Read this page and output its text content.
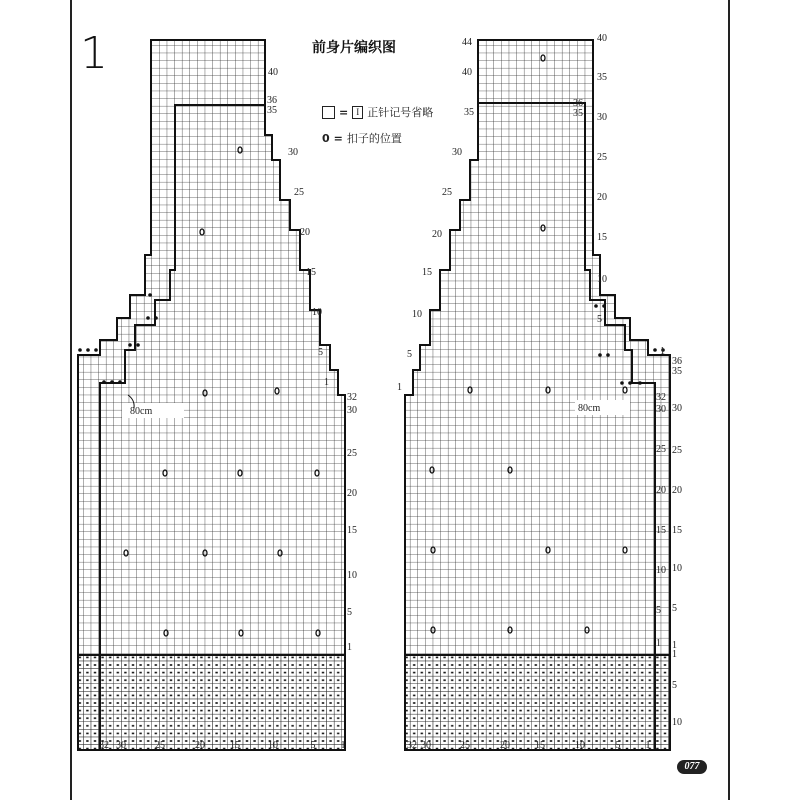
1	前身片编织图
= I 正针记号省略
0 = 扣子的位置
80cm
40
36
35
30
25
20
15
10
5
1
32
30
25
20
15
10
5
1
32 30	25	20	15	10	5	1
80cm
44
40
35
30
25
20
15
10
5
1
40
35
30
25
20
15
10
5
1
36
35
30
25
20
15
10
5
1
1
5
10
36
35
32
30
25
20
15
10
5
1
32 30	25	20	15	10	5	1
077
